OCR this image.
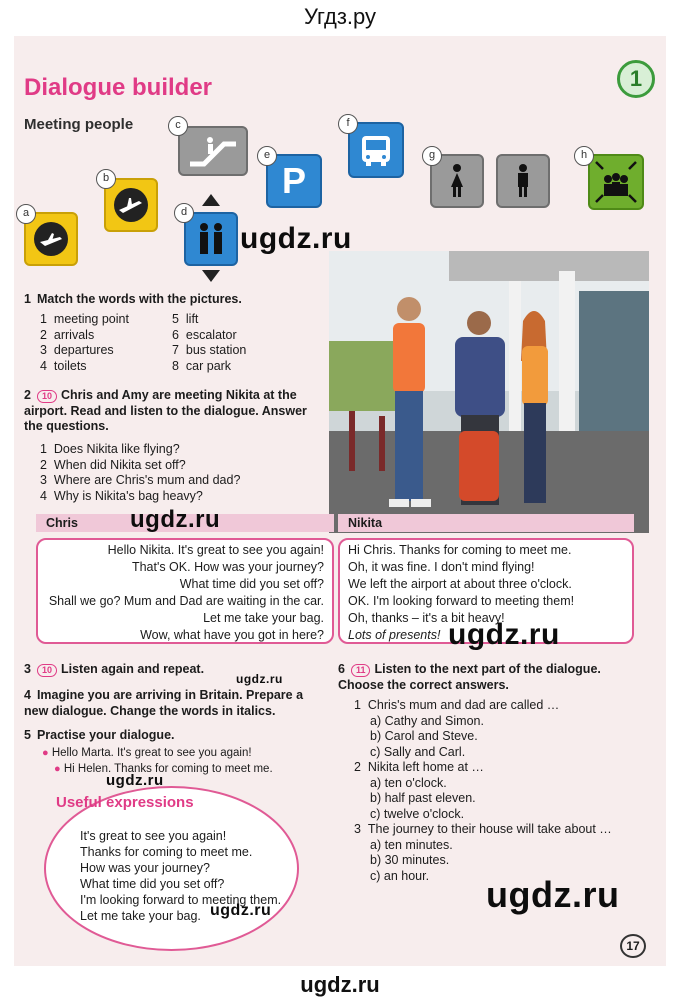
Угдз.ру
Dialogue builder
Meeting people
1
a
b
c
d
P
e
f
g	h
1 Match the words with the pictures.
1 meeting point
2 arrivals
3 departures
4 toilets
5 lift
6 escalator
7 bus station
8 car park
2 10 Chris and Amy are meeting Nikita at the airport. Read and listen to the dialogue. Answer the questions.
1 Does Nikita like flying?
2 When did Nikita set off?
3 Where are Chris's mum and dad?
4 Why is Nikita's bag heavy?
Chris	Nikita
Hello Nikita. It's great to see you again!
That's OK. How was your journey?
What time did you set off?
Shall we go? Mum and Dad are waiting in the car.
Let me take your bag.
Wow, what have you got in here?
Hi Chris. Thanks for coming to meet me.
Oh, it was fine. I don't mind flying!
We left the airport at about three o'clock.
OK. I'm looking forward to meeting them!
Oh, thanks – it's a bit heavy!
Lots of presents!
3 10 Listen again and repeat.
4 Imagine you are arriving in Britain. Prepare a new dialogue. Change the words in italics.
5 Practise your dialogue.
● Hello Marta. It's great to see you again!
● Hi Helen. Thanks for coming to meet me.
Useful expressions
It's great to see you again!
Thanks for coming to meet me.
How was your journey?
What time did you set off?
I'm looking forward to meeting them.
Let me take your bag.
6 11 Listen to the next part of the dialogue. Choose the correct answers.
1 Chris's mum and dad are called …
a) Cathy and Simon.
b) Carol and Steve.
c) Sally and Carl.
2 Nikita left home at …
a) ten o'clock.
b) half past eleven.
c) twelve o'clock.
3 The journey to their house will take about …
a) ten minutes.
b) 30 minutes.
c) an hour.
17
ugdz.ru
ugdz.ru
ugdz.ru
ugdz.ru
ugdz.ru
ugdz.ru
ugdz.ru
ugdz.ru
